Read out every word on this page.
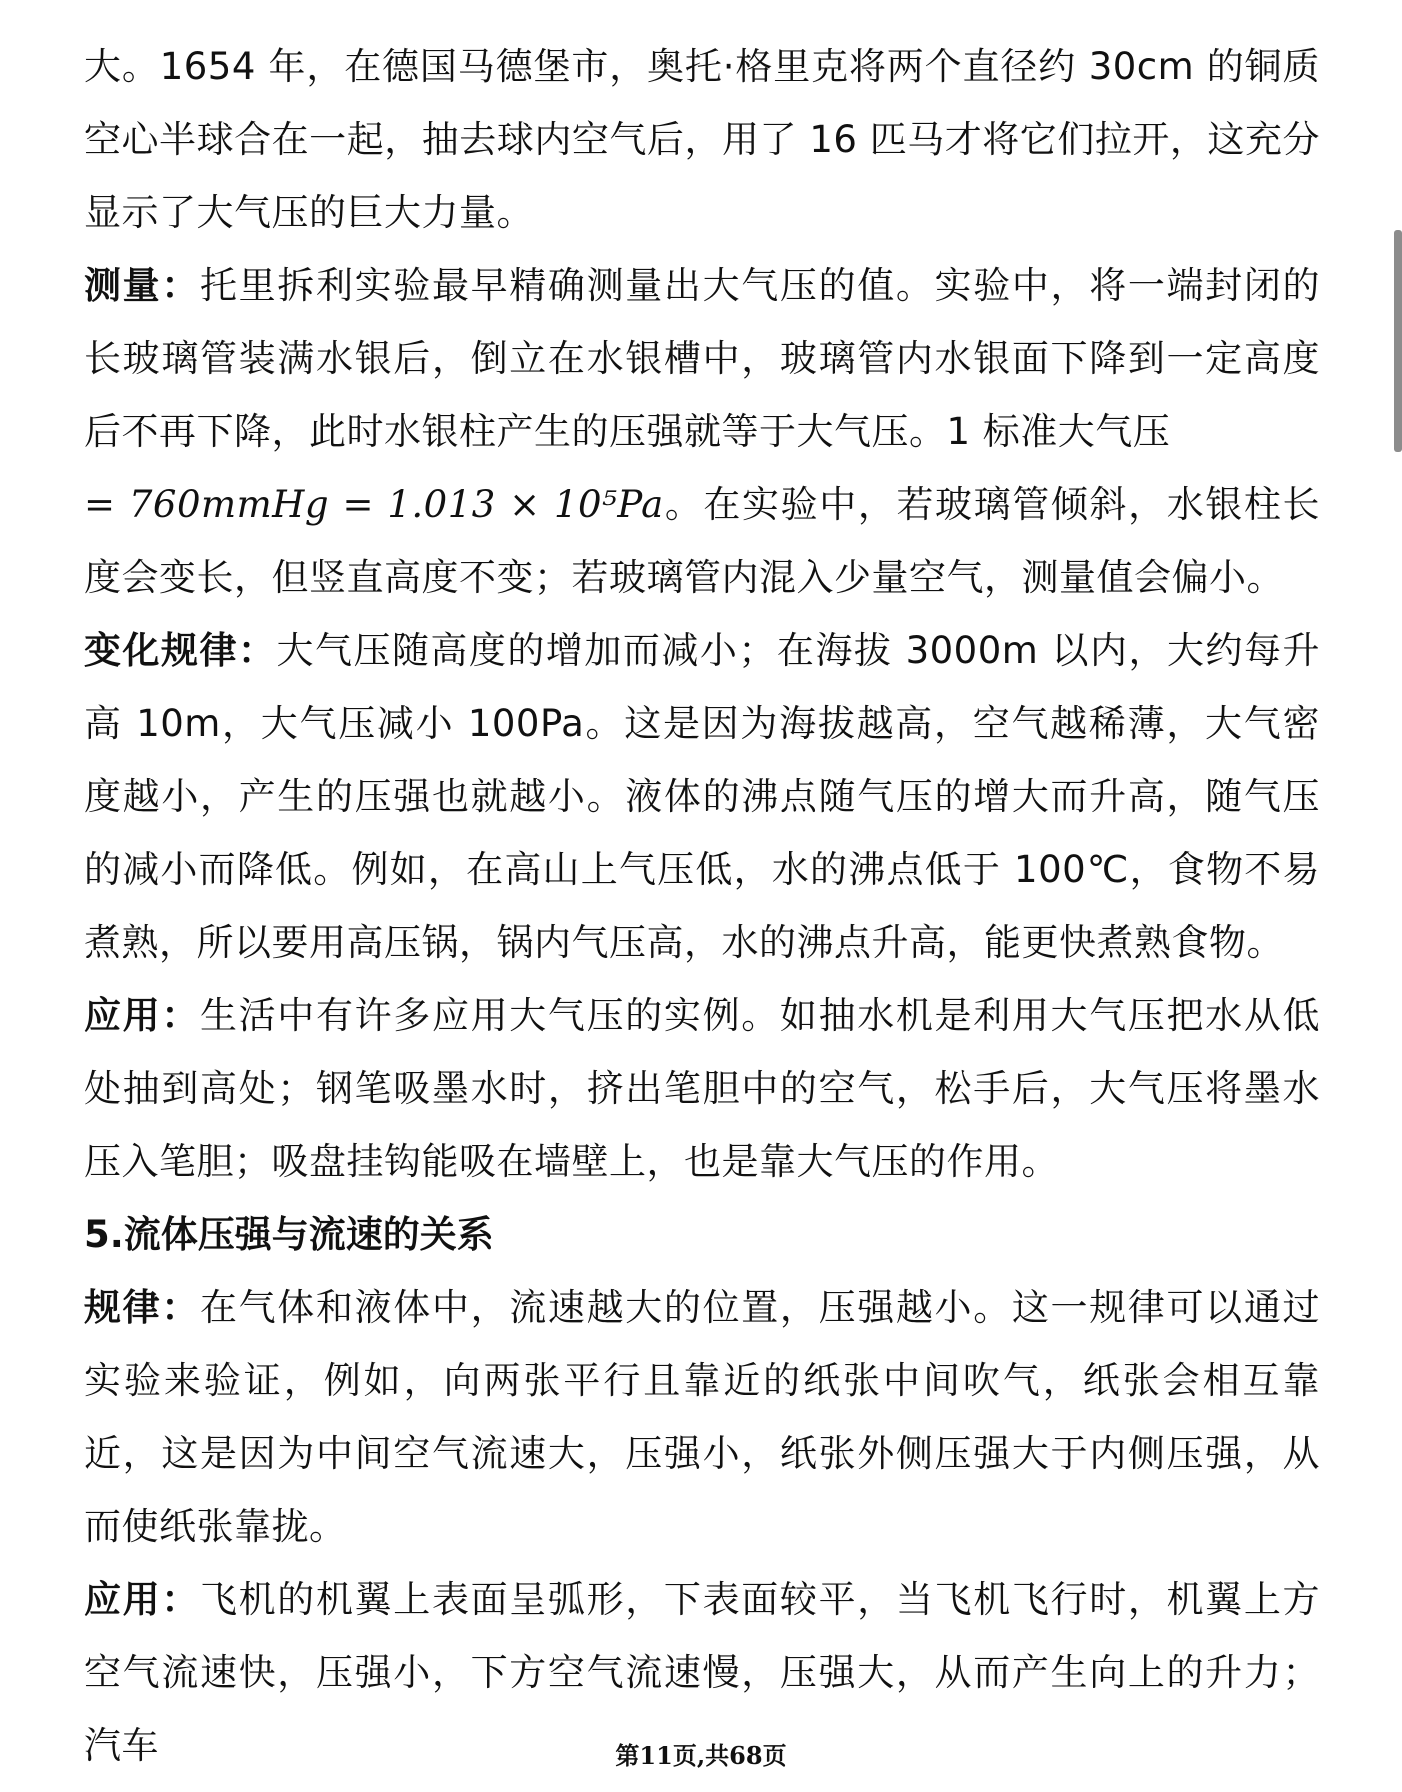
大。1654 年，在德国马德堡市，奥托·格里克将两个直径约 30cm 的铜质空心半球合在一起，抽去球内空气后，用了 16 匹马才将它们拉开，这充分显示了大气压的巨大力量。

测量：托里拆利实验最早精确测量出大气压的值。实验中，将一端封闭的长玻璃管装满水银后，倒立在水银槽中，玻璃管内水银面下降到一定高度后不再下降，此时水银柱产生的压强就等于大气压。1 标准大气压
= 760mmHg = 1.013 × 10⁵Pa。在实验中，若玻璃管倾斜，水银柱长度会变长，但竖直高度不变；若玻璃管内混入少量空气，测量值会偏小。

变化规律：大气压随高度的增加而减小；在海拔 3000m 以内，大约每升高 10m，大气压减小 100Pa。这是因为海拔越高，空气越稀薄，大气密度越小，产生的压强也就越小。液体的沸点随气压的增大而升高，随气压的减小而降低。例如，在高山上气压低，水的沸点低于 100℃，食物不易煮熟，所以要用高压锅，锅内气压高，水的沸点升高，能更快煮熟食物。

应用：生活中有许多应用大气压的实例。如抽水机是利用大气压把水从低处抽到高处；钢笔吸墨水时，挤出笔胆中的空气，松手后，大气压将墨水压入笔胆；吸盘挂钩能吸在墙壁上，也是靠大气压的作用。

5.流体压强与流速的关系

规律：在气体和液体中，流速越大的位置，压强越小。这一规律可以通过实验来验证，例如，向两张平行且靠近的纸张中间吹气，纸张会相互靠近，这是因为中间空气流速大，压强小，纸张外侧压强大于内侧压强，从而使纸张靠拢。

应用：飞机的机翼上表面呈弧形，下表面较平，当飞机飞行时，机翼上方空气流速快，压强小，下方空气流速慢，压强大，从而产生向上的升力；汽车	第11页,共68页
